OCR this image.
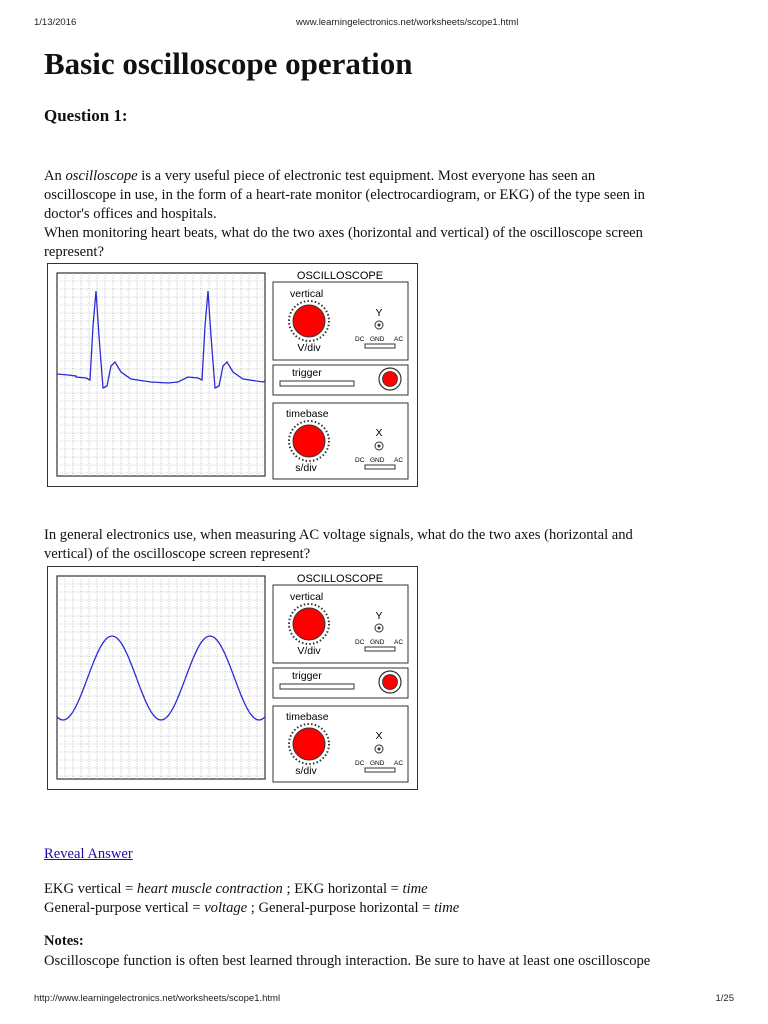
1/13/2016	www.learningelectronics.net/worksheets/scope1.html
Basic oscilloscope operation
Question 1:

An oscilloscope is a very useful piece of electronic test equipment. Most everyone has seen an
oscilloscope in use, in the form of a heart-rate monitor (electrocardiogram, or EKG) of the type seen in
doctor's offices and hospitals.
When monitoring heart beats, what do the two axes (horizontal and vertical) of the oscilloscope screen
represent?

OSCILLOSCOPE
vertical
V/div
Y
DC GND AC
trigger
timebase
s/div
X
DC GND AC

In general electronics use, when measuring AC voltage signals, what do the two axes (horizontal and
vertical) of the oscilloscope screen represent?

OSCILLOSCOPE
vertical
V/div
Y
DC GND AC
trigger
timebase
s/div
X
DC GND AC

Reveal Answer

EKG vertical = heart muscle contraction ; EKG horizontal = time
General-purpose vertical = voltage ; General-purpose horizontal = time

Notes:

Oscilloscope function is often best learned through interaction. Be sure to have at least one oscilloscope

http://www.learningelectronics.net/worksheets/scope1.html	1/25
